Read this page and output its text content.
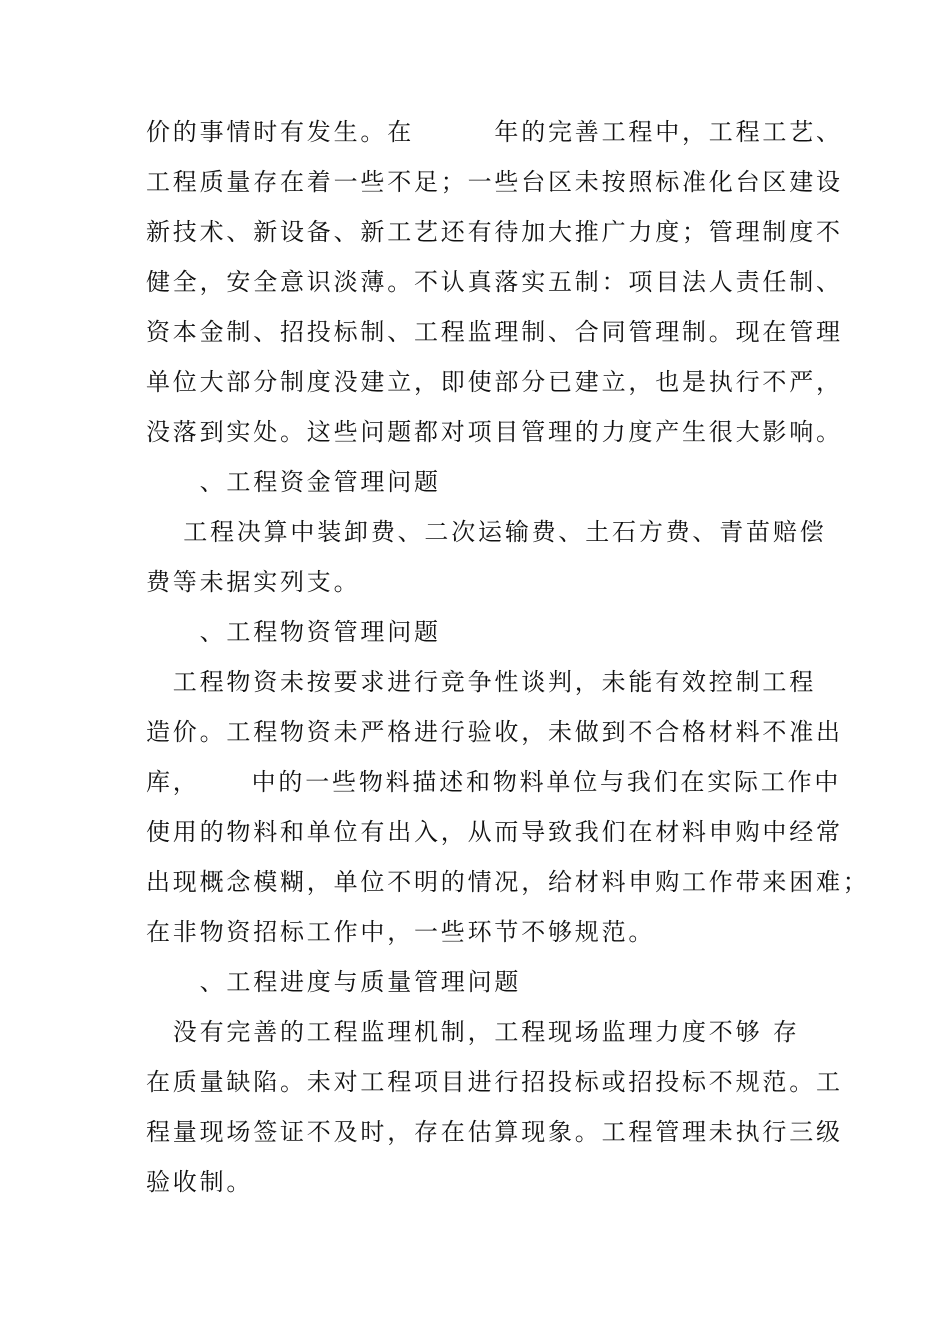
价的事情时有发生。在　　　年的完善工程中，工程工艺、
工程质量存在着一些不足；一些台区未按照标准化台区建设
新技术、新设备、新工艺还有待加大推广力度；管理制度不
健全，安全意识淡薄。不认真落实五制：项目法人责任制、
资本金制、招投标制、工程监理制、合同管理制。现在管理
单位大部分制度没建立，即使部分已建立，也是执行不严，
没落到实处。这些问题都对项目管理的力度产生很大影响。
　　、工程资金管理问题
　工程决算中装卸费、二次运输费、土石方费、青苗赔偿
费等未据实列支。
　　、工程物资管理问题
　工程物资未按要求进行竞争性谈判，未能有效控制工程
造价。工程物资未严格进行验收，未做到不合格材料不准出
库，　　 中的一些物料描述和物料单位与我们在实际工作中
使用的物料和单位有出入，从而导致我们在材料申购中经常
出现概念模糊，单位不明的情况，给材料申购工作带来困难；
在非物资招标工作中，一些环节不够规范。
　　、工程进度与质量管理问题
　没有完善的工程监理机制，工程现场监理力度不够 存
在质量缺陷。未对工程项目进行招投标或招投标不规范。工
程量现场签证不及时，存在估算现象。工程管理未执行三级
验收制。
